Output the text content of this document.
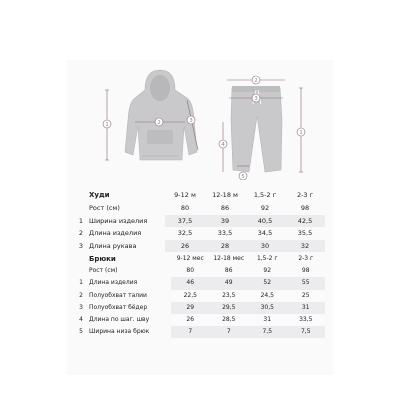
1	2	3
1
2
3
4
5
	Худи	9-12 м	12-18 м	1,5-2 г	2-3 г
	Рост (см)	80	86	92	98
1	Ширина изделия	37,5	39	40,5	42,5
2	Длина изделия	32,5	33,5	34,5	35,5
3	Длина рукава	26	28	30	32
	Брюки	9-12 мес	12-18 мес	1,5-2 г	2-3 г
	Рост (см)	80	86	92	98
1	Длина изделия	46	49	52	55
2	Полуобхват талии	22,5	23,5	24,5	25
3	Полуобхват бёдер	29	29,5	30,5	31
4	Длина по шаг. шву	26	28,5	31	33,5
5	Ширина низа брюк	7	7	7,5	7,5
